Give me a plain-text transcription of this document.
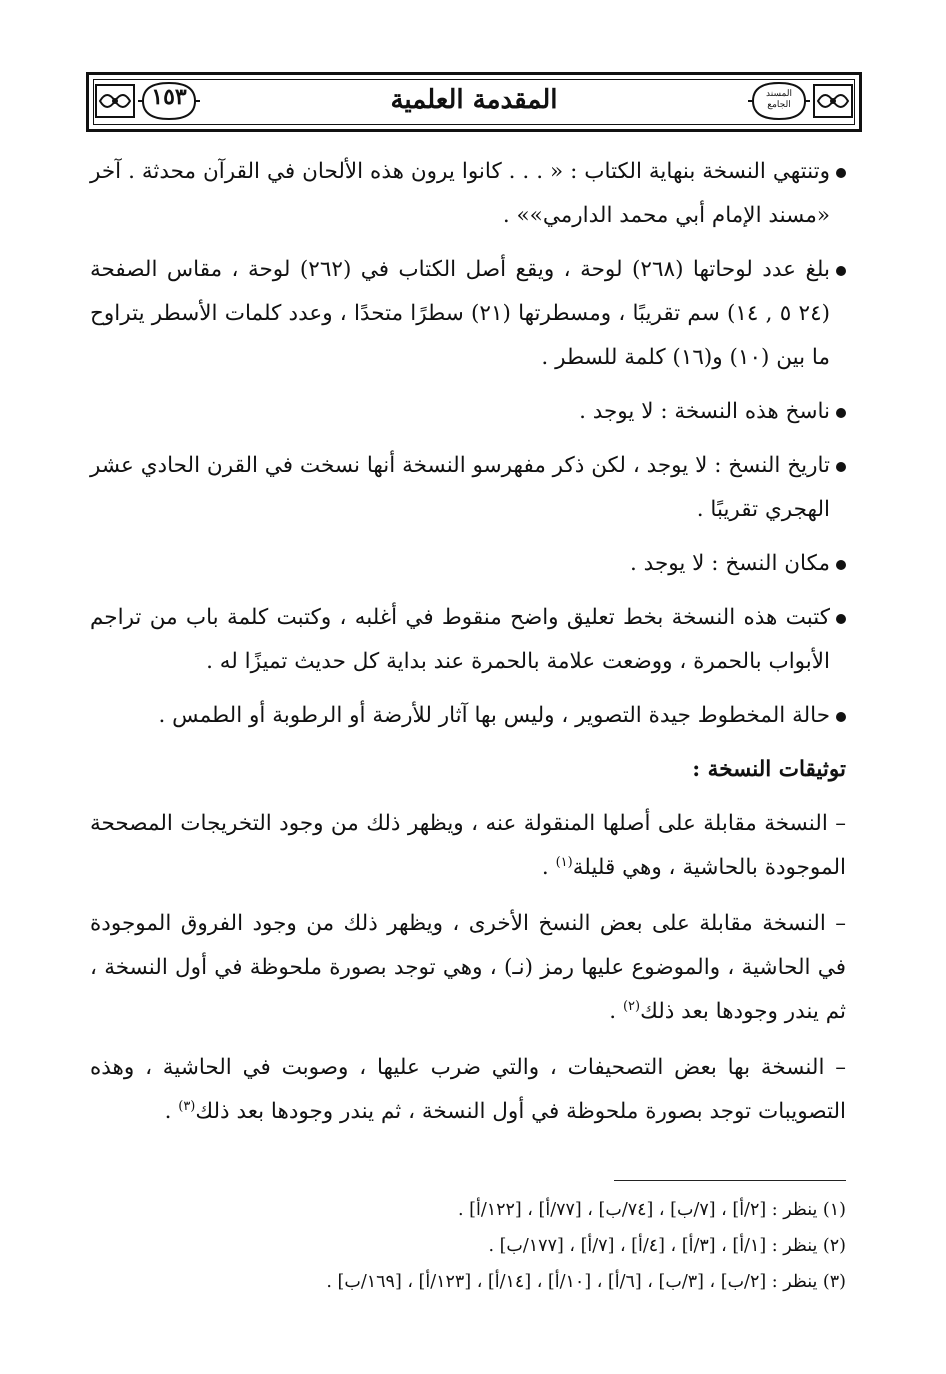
١٥٣	المقدمة العلمية	المسند
الجامع
وتنتهي النسخة بنهاية الكتاب : « . . . كانوا يرون هذه الألحان في القرآن محدثة . آخر «مسند الإمام أبي محمد الدارمي»» .
بلغ عدد لوحاتها (٢٦٨) لوحة ، ويقع أصل الكتاب في (٢٦٢) لوحة ، مقاس الصفحة (٢٤ ٥ , ١٤) سم تقريبًا ، ومسطرتها (٢١) سطرًا متحدًا ، وعدد كلمات الأسطر يتراوح ما بين (١٠) و(١٦) كلمة للسطر .
ناسخ هذه النسخة : لا يوجد .
تاريخ النسخ : لا يوجد ، لكن ذكر مفهرسو النسخة أنها نسخت في القرن الحادي عشر الهجري تقريبًا .
مكان النسخ : لا يوجد .
كتبت هذه النسخة بخط تعليق واضح منقوط في أغلبه ، وكتبت كلمة باب من تراجم الأبواب بالحمرة ، ووضعت علامة بالحمرة عند بداية كل حديث تميزًا له .
حالة المخطوط جيدة التصوير ، وليس بها آثار للأرضة أو الرطوبة أو الطمس .
توثيقات النسخة :
– النسخة مقابلة على أصلها المنقولة عنه ، ويظهر ذلك من وجود التخريجات المصححة الموجودة بالحاشية ، وهي قليلة$^{(١)}$ .
– النسخة مقابلة على بعض النسخ الأخرى ، ويظهر ذلك من وجود الفروق الموجودة في الحاشية ، والموضوع عليها رمز (نـ) ، وهي توجد بصورة ملحوظة في أول النسخة ، ثم يندر وجودها بعد ذلك$^{(٢)}$ .
– النسخة بها بعض التصحيفات ، والتي ضرب عليها ، وصوبت في الحاشية ، وهذه التصويبات توجد بصورة ملحوظة في أول النسخة ، ثم يندر وجودها بعد ذلك$^{(٣)}$ .
(١) ينظر : [٢/أ] ، [٧/ب] ، [٧٤/ب] ، [٧٧/أ] ، [١٢٢/أ] .
(٢) ينظر : [١/أ] ، [٣/أ] ، [٤/أ] ، [٧/أ] ، [١٧٧/ب] .
(٣) ينظر : [٢/ب] ، [٣/ب] ، [٦/أ] ، [١٠/أ] ، [١٤/أ] ، [١٢٣/أ] ، [١٦٩/ب] .
